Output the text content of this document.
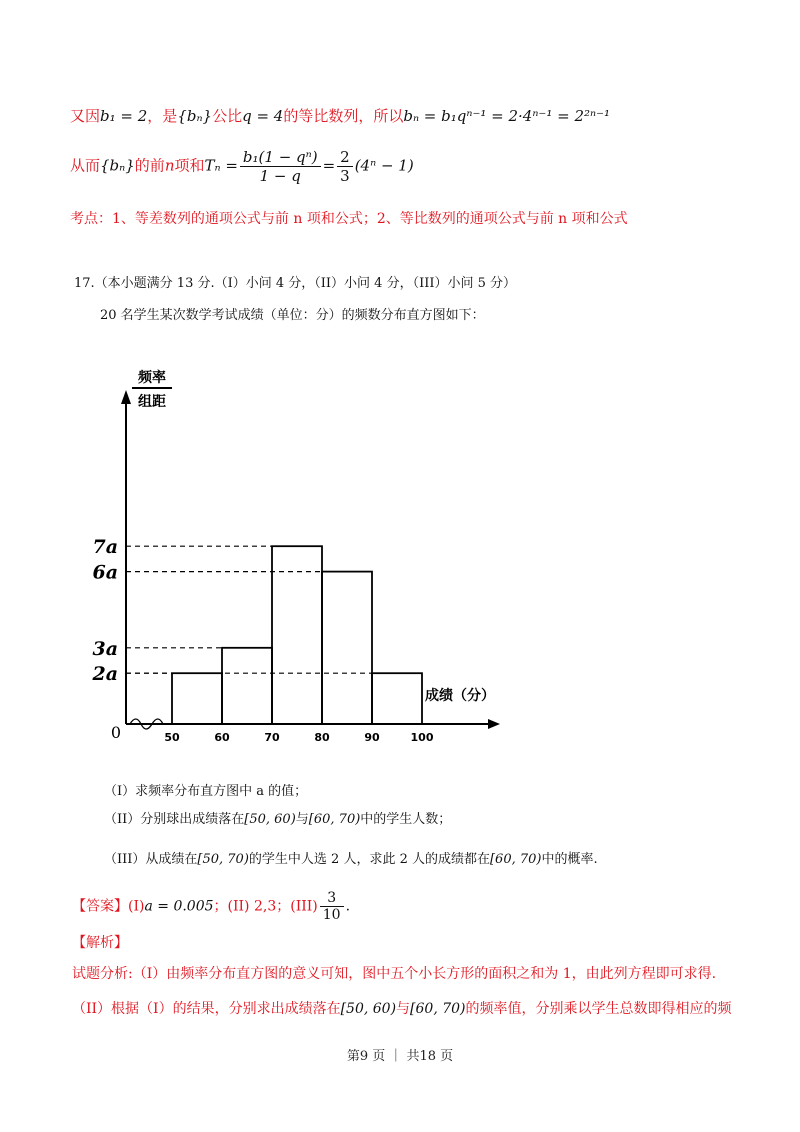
又因b₁ = 2，是{bₙ}公比q = 4的等比数列，所以bₙ = b₁qⁿ⁻¹ = 2·4ⁿ⁻¹ = 2²ⁿ⁻¹
从而{bₙ}的前n项和$T_n = \frac{\text{b₁(1 − qⁿ)}}{1 - q} = \frac{2}{3} (4^n - 1)$
考点：1、等差数列的通项公式与前 n 项和公式；2、等比数列的通项公式与前 n 项和公式
17.（本小题满分 13 分.（I）小问 4 分，（II）小问 4 分，（III）小问 5 分）
20 名学生某次数学考试成绩（单位：分）的频数分布直方图如下：
2a
3a
6a
7a
50	60	70	80	90	100
0
成绩（分）
频率
组距
（I）求频率分布直方图中 a 的值；
（II）分别球出成绩落在[50, 60)与[60, 70)中的学生人数；
（III）从成绩在[50, 70)的学生中人选 2 人，求此 2 人的成绩都在[60, 70)中的概率.
【答案】(I)a = 0.005；(II) 2,3；$(III) \frac{3}{10}$ .
【解析】
试题分析:（I）由频率分布直方图的意义可知，图中五个小长方形的面积之和为 1，由此列方程即可求得.
（II）根据（I）的结果，分别求出成绩落在[50, 60)与[60, 70)的频率值，分别乘以学生总数即得相应的频
第9 页 ｜ 共18 页
